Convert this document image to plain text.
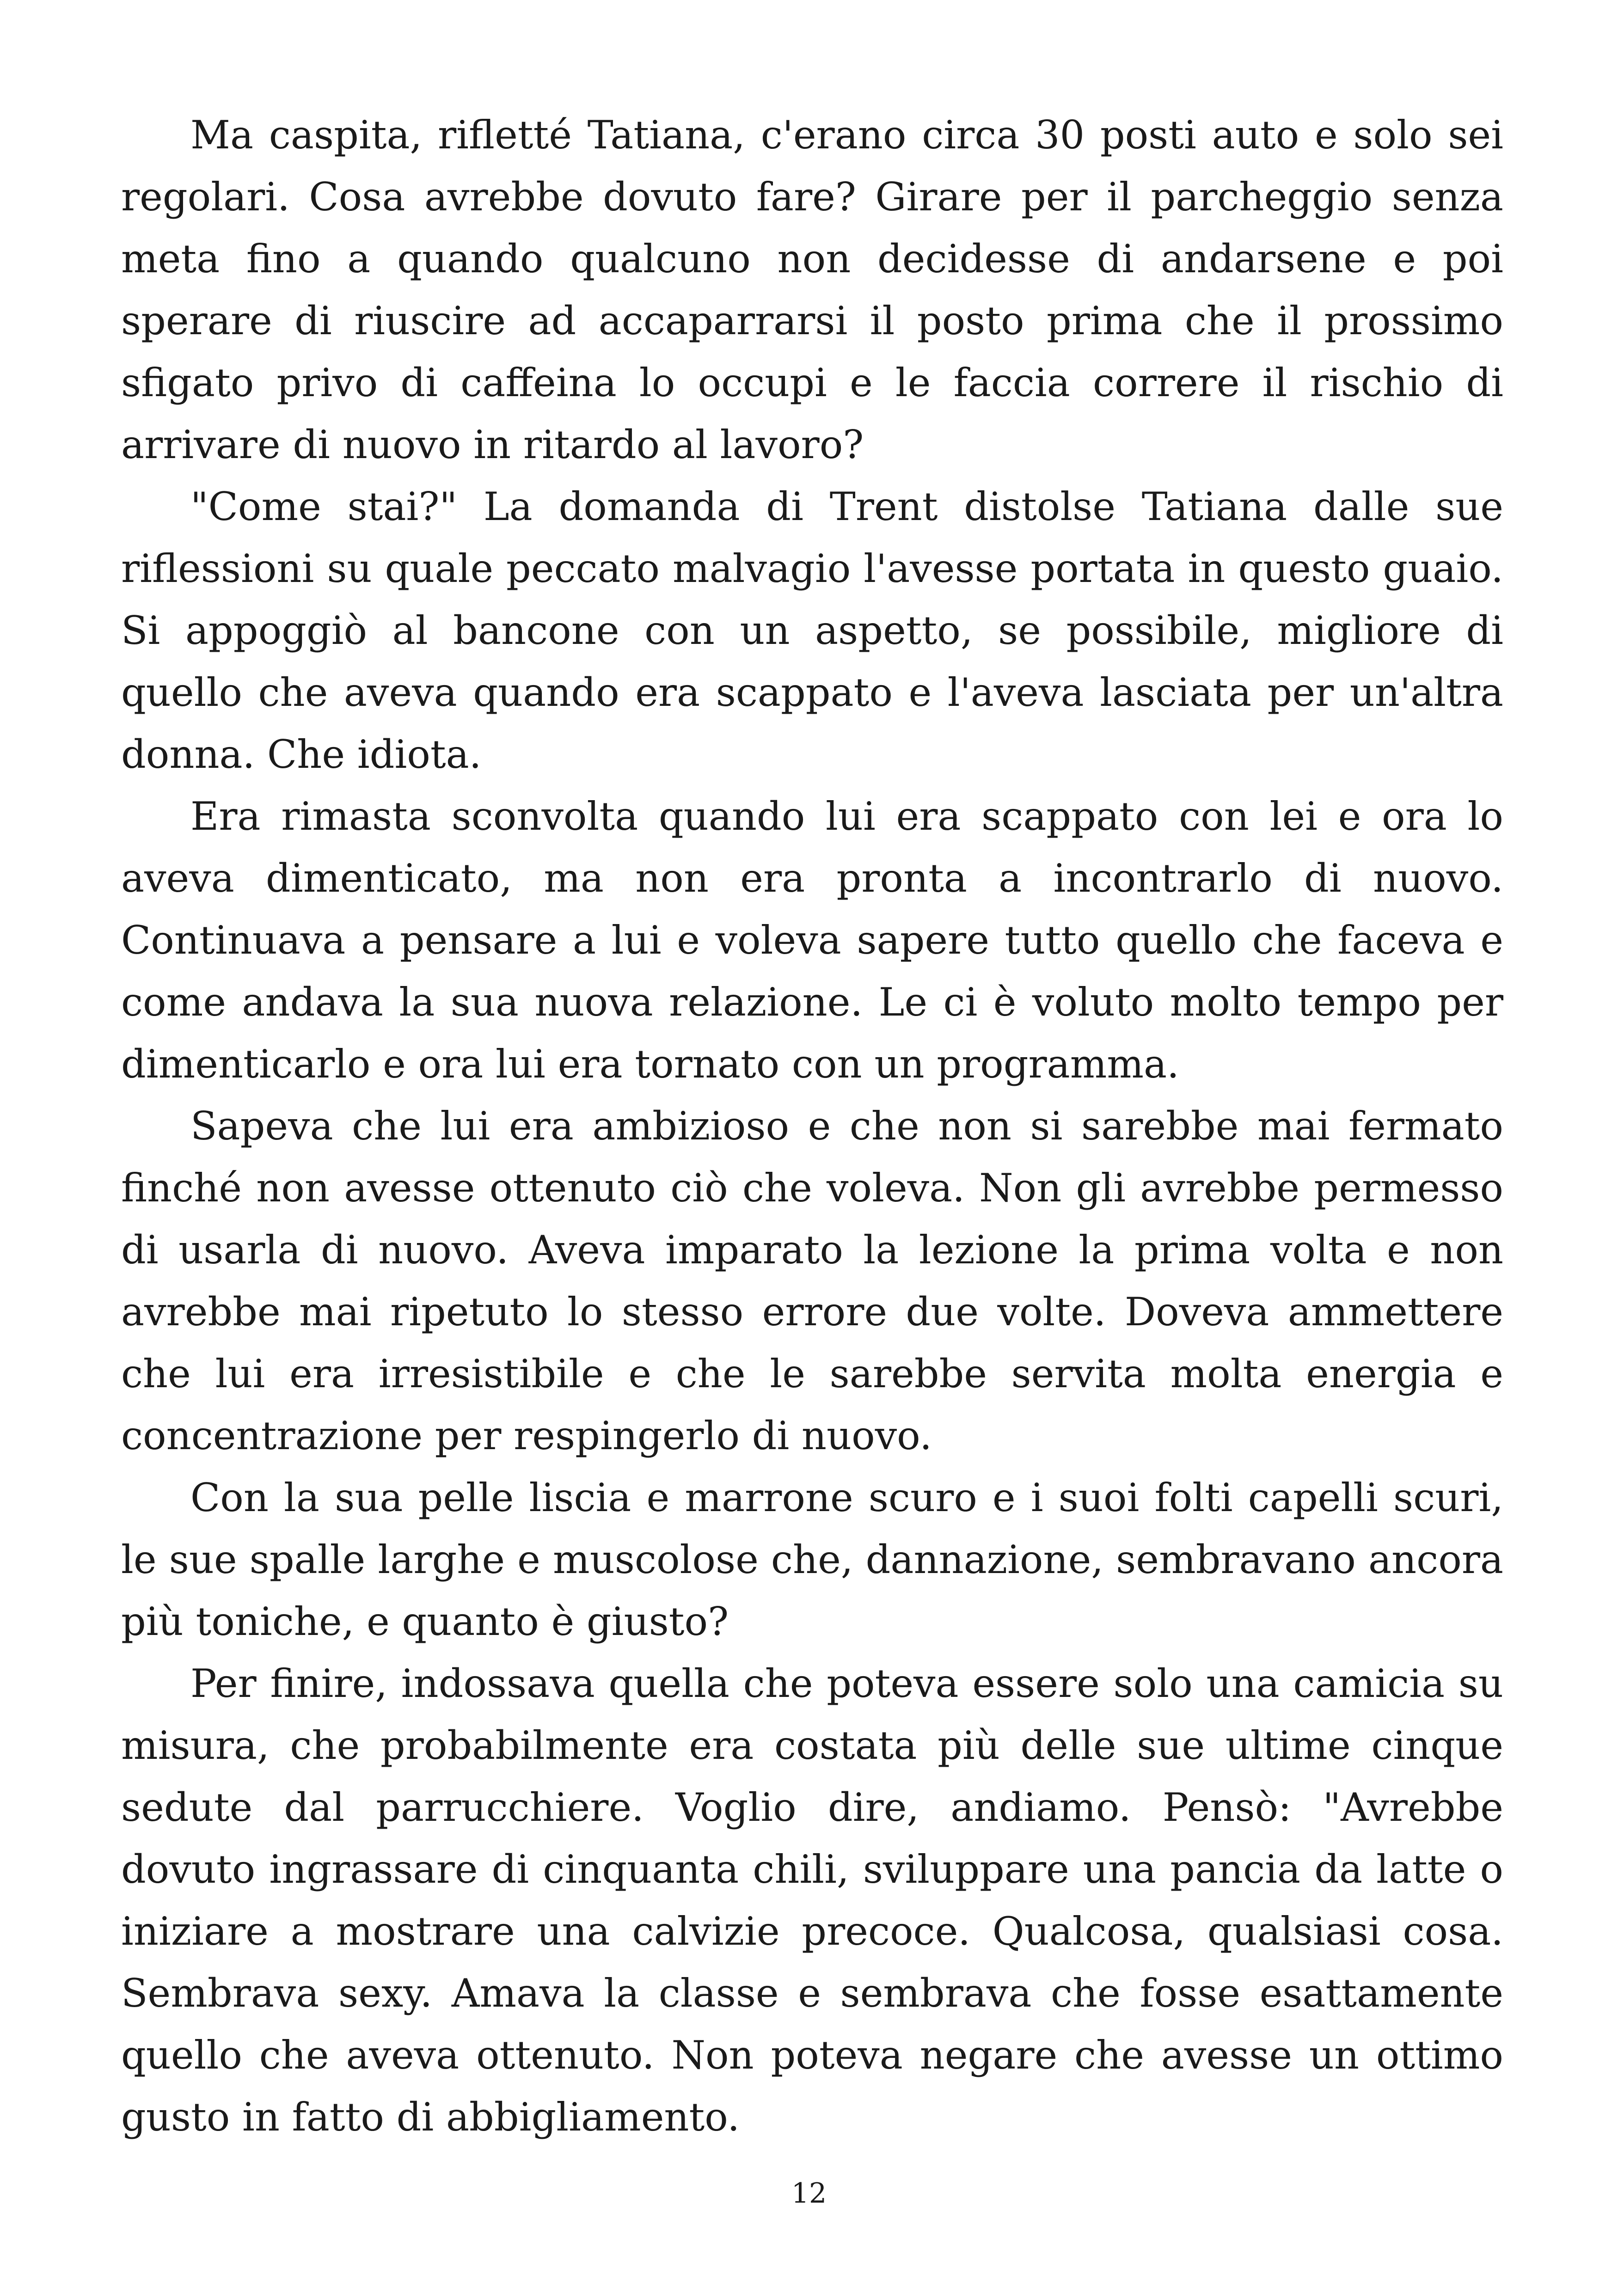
Ma caspita, rifletté Tatiana, c'erano circa 30 posti auto e solo sei regolari. Cosa avrebbe dovuto fare? Girare per il parcheggio senza meta fino a quando qualcuno non decidesse di andarsene e poi sperare di riuscire ad accaparrarsi il posto prima che il prossimo sfigato privo di caffeina lo occupi e le faccia correre il rischio di arrivare di nuovo in ritardo al lavoro?

"Come stai?" La domanda di Trent distolse Tatiana dalle sue riflessioni su quale peccato malvagio l'avesse portata in questo guaio. Si appoggiò al bancone con un aspetto, se possibile, migliore di quello che aveva quando era scappato e l'aveva lasciata per un'altra donna. Che idiota.

Era rimasta sconvolta quando lui era scappato con lei e ora lo aveva dimenticato, ma non era pronta a incontrarlo di nuovo. Continuava a pensare a lui e voleva sapere tutto quello che faceva e come andava la sua nuova relazione. Le ci è voluto molto tempo per dimenticarlo e ora lui era tornato con un programma.

Sapeva che lui era ambizioso e che non si sarebbe mai fermato finché non avesse ottenuto ciò che voleva. Non gli avrebbe permesso di usarla di nuovo. Aveva imparato la lezione la prima volta e non avrebbe mai ripetuto lo stesso errore due volte. Doveva ammettere che lui era irresistibile e che le sarebbe servita molta energia e concentrazione per respingerlo di nuovo.

Con la sua pelle liscia e marrone scuro e i suoi folti capelli scuri, le sue spalle larghe e muscolose che, dannazione, sembravano ancora più toniche, e quanto è giusto?

Per finire, indossava quella che poteva essere solo una camicia su misura, che probabilmente era costata più delle sue ultime cinque sedute dal parrucchiere. Voglio dire, andiamo. Pensò: "Avrebbe dovuto ingrassare di cinquanta chili, sviluppare una pancia da latte o iniziare a mostrare una calvizie precoce. Qualcosa, qualsiasi cosa. Sembrava sexy. Amava la classe e sembrava che fosse esattamente quello che aveva ottenuto. Non poteva negare che avesse un ottimo gusto in fatto di abbigliamento.

12
